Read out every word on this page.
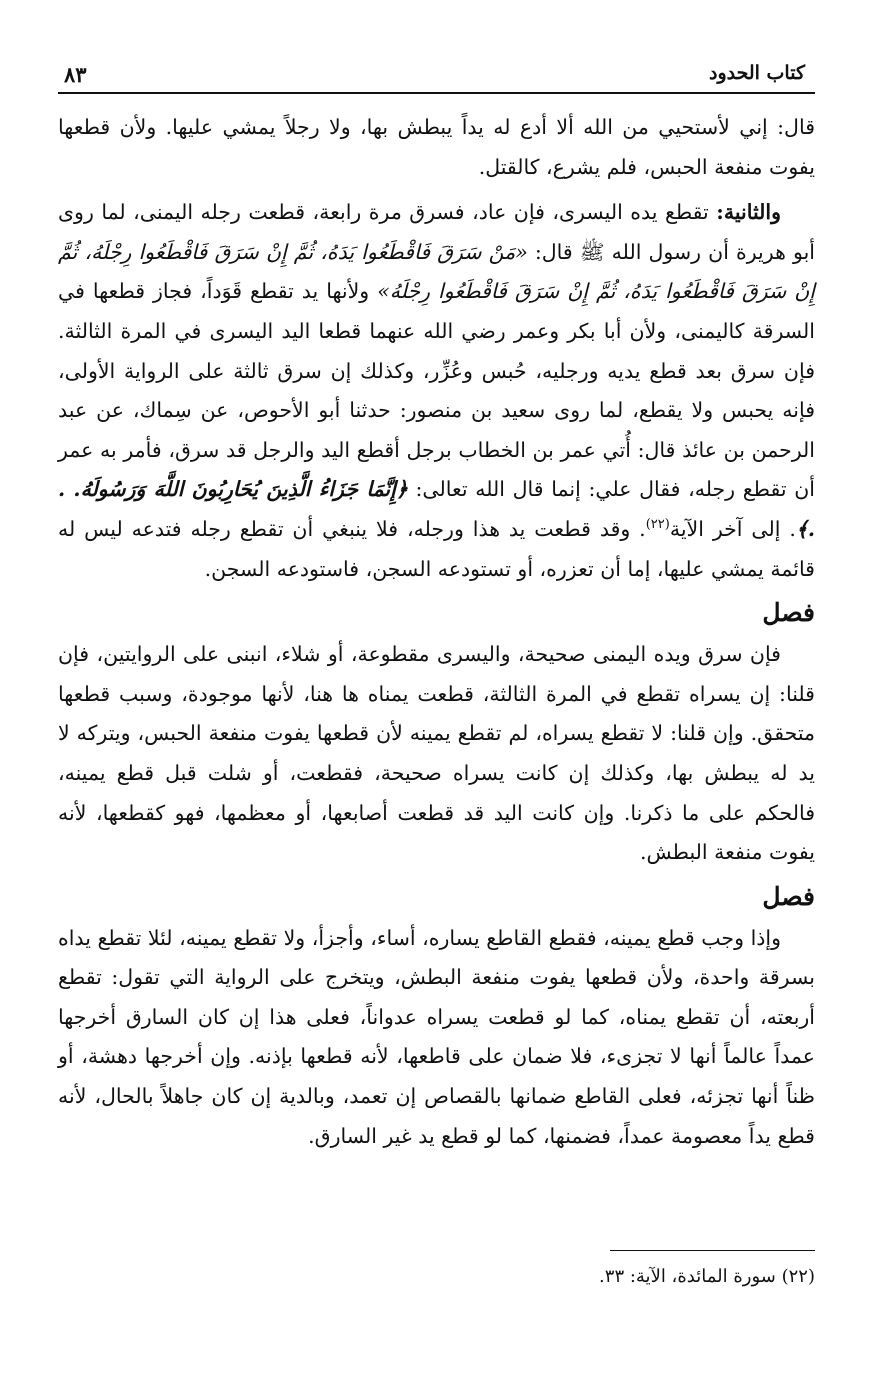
كتاب الحدود
٨٣

قال: إني لأستحيي من الله ألا أدع له يداً يبطش بها، ولا رجلاً يمشي عليها. ولأن قطعها يفوت منفعة الحبس، فلم يشرع، كالقتل.

والثانية: تقطع يده اليسرى، فإن عاد، فسرق مرة رابعة، قطعت رجله اليمنى، لما روى أبو هريرة أن رسول الله ﷺ قال: «مَنْ سَرَقَ فَاقْطَعُوا يَدَهُ، ثُمَّ إِنْ سَرَقَ فَاقْطَعُوا رِجْلَهُ، ثُمَّ إِنْ سَرَقَ فَاقْطَعُوا يَدَهُ، ثُمَّ إِنْ سَرَقَ فَاقْطَعُوا رِجْلَهُ» ولأنها يد تقطع قَوَداً، فجاز قطعها في السرقة كاليمنى، ولأن أبا بكر وعمر رضي الله عنهما قطعا اليد اليسرى في المرة الثالثة. فإن سرق بعد قطع يديه ورجليه، حُبس وعُزِّر، وكذلك إن سرق ثالثة على الرواية الأولى، فإنه يحبس ولا يقطع، لما روى سعيد بن منصور: حدثنا أبو الأحوص، عن سِماك، عن عبد الرحمن بن عائذ قال: أُتي عمر بن الخطاب برجل أقطع اليد والرجل قد سرق، فأمر به عمر أن تقطع رجله، فقال علي: إنما قال الله تعالى: ﴿إِنَّمَا جَزَاءُ الَّذِينَ يُحَارِبُونَ اللَّهَ وَرَسُولَهُ. . .﴾. إلى آخر الآية$^{(٢٢)}$. وقد قطعت يد هذا ورجله، فلا ينبغي أن تقطع رجله فتدعه ليس له قائمة يمشي عليها، إما أن تعزره، أو تستودعه السجن، فاستودعه السجن.

فصل

فإن سرق ويده اليمنى صحيحة، واليسرى مقطوعة، أو شلاء، انبنى على الروايتين، فإن قلنا: إن يسراه تقطع في المرة الثالثة، قطعت يمناه ها هنا، لأنها موجودة، وسبب قطعها متحقق. وإن قلنا: لا تقطع يسراه، لم تقطع يمينه لأن قطعها يفوت منفعة الحبس، ويتركه لا يد له يبطش بها، وكذلك إن كانت يسراه صحيحة، فقطعت، أو شلت قبل قطع يمينه، فالحكم على ما ذكرنا. وإن كانت اليد قد قطعت أصابعها، أو معظمها، فهو كقطعها، لأنه يفوت منفعة البطش.

فصل

وإذا وجب قطع يمينه، فقطع القاطع يساره، أساء، وأجزأ، ولا تقطع يمينه، لئلا تقطع يداه بسرقة واحدة، ولأن قطعها يفوت منفعة البطش، ويتخرج على الرواية التي تقول: تقطع أربعته، أن تقطع يمناه، كما لو قطعت يسراه عدواناً، فعلى هذا إن كان السارق أخرجها عمداً عالماً أنها لا تجزىء، فلا ضمان على قاطعها، لأنه قطعها بإذنه. وإن أخرجها دهشة، أو ظناً أنها تجزئه، فعلى القاطع ضمانها بالقصاص إن تعمد، وبالدية إن كان جاهلاً بالحال، لأنه قطع يداً معصومة عمداً، فضمنها، كما لو قطع يد غير السارق.

(٢٢) سورة المائدة، الآية: ٣٣.
